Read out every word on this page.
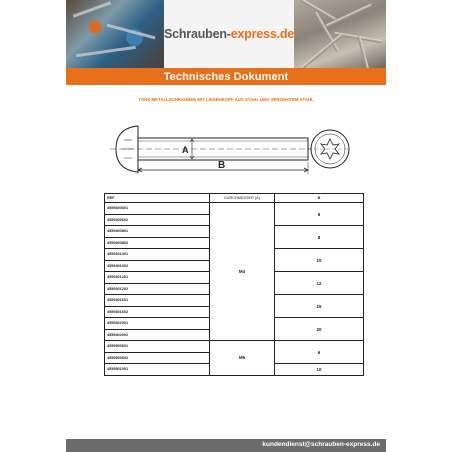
Schrauben-express.de
Technisches Dokument
TORX-METALLSCHRAUBEN MIT LINSENKOPF AUS STAHL UND VERZINKTEM STAHL
A
B
REF	DURCHMESSER (A)	B
4559400601	M4	6
4559400602		
4559400801		8
4559400802		
4559401001		10
4559401002		
4559401201		12
4559401202		
4559401601		16
4559401602		
4559402001		20
4559402002		
4559500601	M5	6
4559500602		
4559501001		10
kundendienst@schrauben-express.de
